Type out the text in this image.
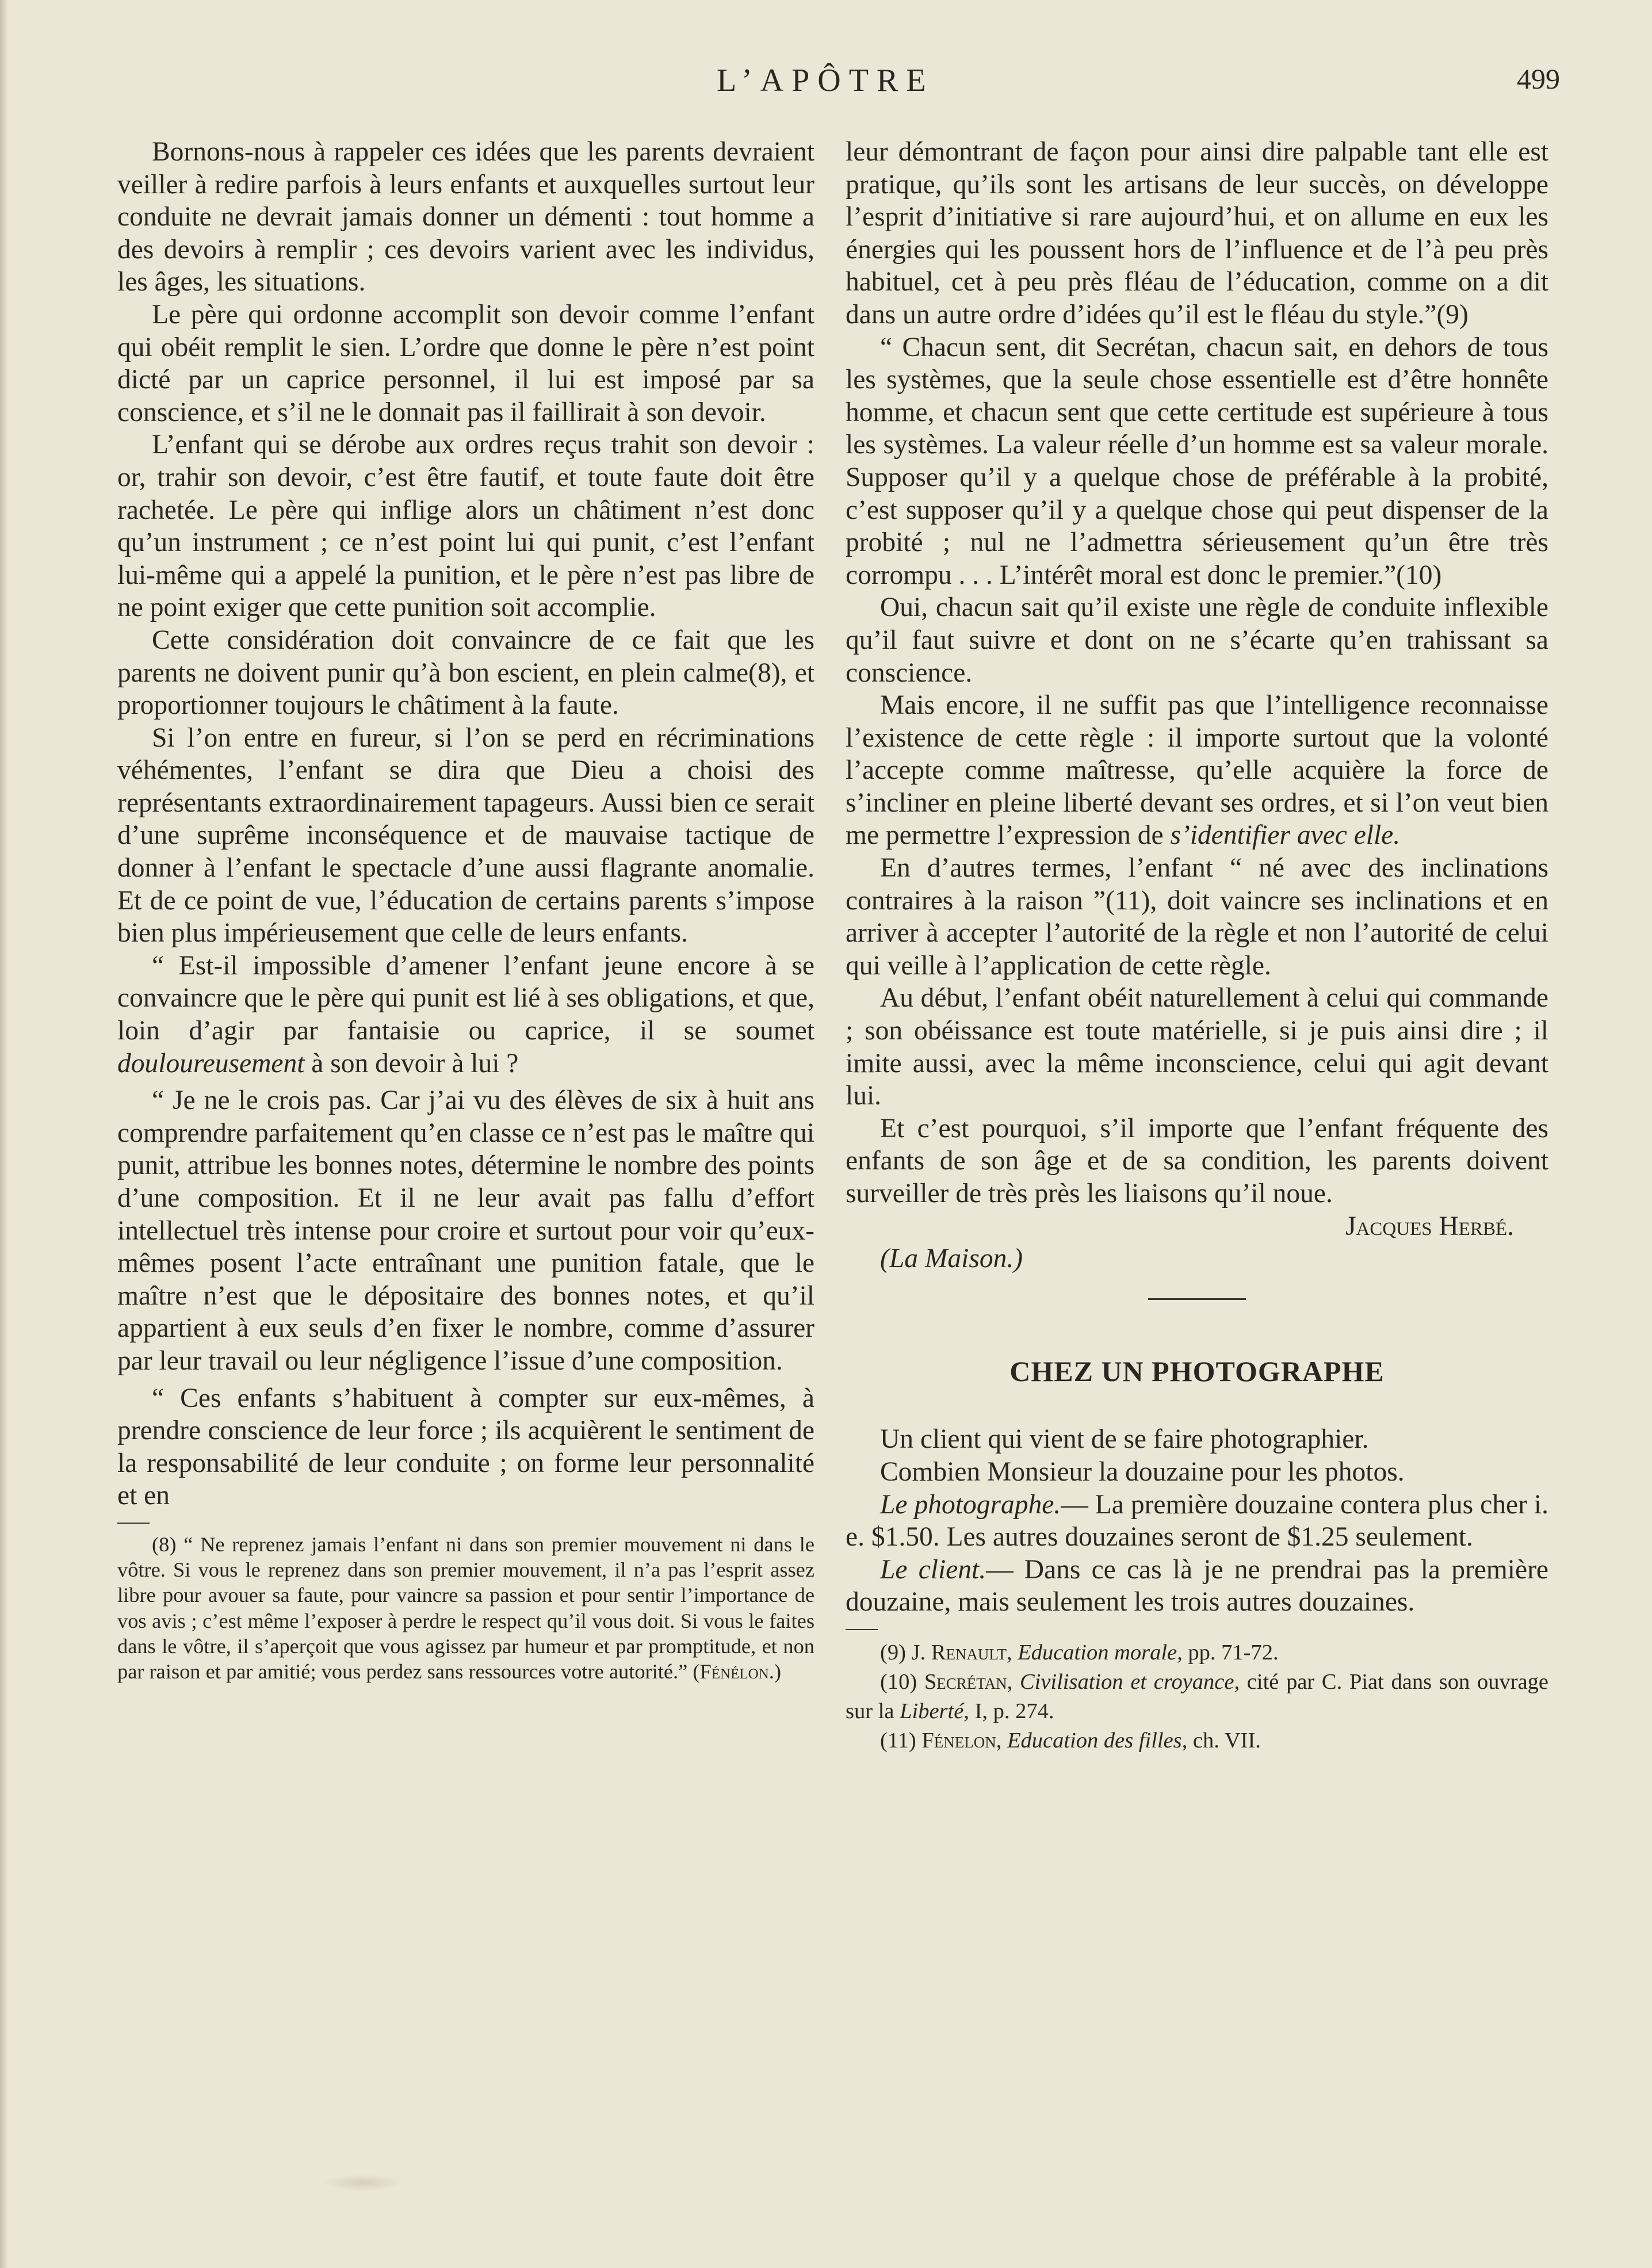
L’APÔTRE	499

Bornons-nous à rappeler ces idées que les parents devraient veiller à redire parfois à leurs enfants et auxquelles surtout leur conduite ne devrait jamais donner un démenti : tout homme a des devoirs à remplir ; ces devoirs varient avec les individus, les âges, les situations.

Le père qui ordonne accomplit son devoir comme l’enfant qui obéit remplit le sien. L’ordre que donne le père n’est point dicté par un caprice personnel, il lui est imposé par sa conscience, et s’il ne le donnait pas il faillirait à son devoir.

L’enfant qui se dérobe aux ordres reçus trahit son devoir : or, trahir son devoir, c’est être fautif, et toute faute doit être rachetée. Le père qui inflige alors un châtiment n’est donc qu’un instrument ; ce n’est point lui qui punit, c’est l’enfant lui-même qui a appelé la punition, et le père n’est pas libre de ne point exiger que cette punition soit accomplie.

Cette considération doit convaincre de ce fait que les parents ne doivent punir qu’à bon escient, en plein calme(8), et proportionner toujours le châtiment à la faute.

Si l’on entre en fureur, si l’on se perd en récriminations véhémentes, l’enfant se dira que Dieu a choisi des représentants extraordinairement tapageurs. Aussi bien ce serait d’une suprême inconséquence et de mauvaise tactique de donner à l’enfant le spectacle d’une aussi flagrante anomalie. Et de ce point de vue, l’éducation de certains parents s’impose bien plus impérieusement que celle de leurs enfants.

“ Est-il impossible d’amener l’enfant jeune encore à se convaincre que le père qui punit est lié à ses obligations, et que, loin d’agir par fantaisie ou caprice, il se soumet douloureusement à son devoir à lui ?

“ Je ne le crois pas. Car j’ai vu des élèves de six à huit ans comprendre parfaitement qu’en classe ce n’est pas le maître qui punit, attribue les bonnes notes, détermine le nombre des points d’une composition. Et il ne leur avait pas fallu d’effort intellectuel très intense pour croire et surtout pour voir qu’eux-mêmes posent l’acte entraînant une punition fatale, que le maître n’est que le dépositaire des bonnes notes, et qu’il appartient à eux seuls d’en fixer le nombre, comme d’assurer par leur travail ou leur négligence l’issue d’une composition.

“ Ces enfants s’habituent à compter sur eux-mêmes, à prendre conscience de leur force ; ils acquièrent le sentiment de la responsabilité de leur conduite ; on forme leur personnalité et en

(8) “ Ne reprenez jamais l’enfant ni dans son premier mouvement ni dans le vôtre. Si vous le reprenez dans son premier mouvement, il n’a pas l’esprit assez libre pour avouer sa faute, pour vaincre sa passion et pour sentir l’importance de vos avis ; c’est même l’exposer à perdre le respect qu’il vous doit. Si vous le faites dans le vôtre, il s’aperçoit que vous agissez par humeur et par promptitude, et non par raison et par amitié; vous perdez sans ressources votre autorité.” (Fénélon.)

leur démontrant de façon pour ainsi dire palpable tant elle est pratique, qu’ils sont les artisans de leur succès, on développe l’esprit d’initiative si rare aujourd’hui, et on allume en eux les énergies qui les poussent hors de l’influence et de l’à peu près habituel, cet à peu près fléau de l’éducation, comme on a dit dans un autre ordre d’idées qu’il est le fléau du style.”(9)

“ Chacun sent, dit Secrétan, chacun sait, en dehors de tous les systèmes, que la seule chose essentielle est d’être honnête homme, et chacun sent que cette certitude est supérieure à tous les systèmes. La valeur réelle d’un homme est sa valeur morale. Supposer qu’il y a quelque chose de préférable à la probité, c’est supposer qu’il y a quelque chose qui peut dispenser de la probité ; nul ne l’admettra sérieusement qu’un être très corrompu . . . L’intérêt moral est donc le premier.”(10)

Oui, chacun sait qu’il existe une règle de conduite inflexible qu’il faut suivre et dont on ne s’écarte qu’en trahissant sa conscience.

Mais encore, il ne suffit pas que l’intelligence reconnaisse l’existence de cette règle : il importe surtout que la volonté l’accepte comme maîtresse, qu’elle acquière la force de s’incliner en pleine liberté devant ses ordres, et si l’on veut bien me permettre l’expression de s’identifier avec elle.

En d’autres termes, l’enfant “ né avec des inclinations contraires à la raison ”(11), doit vaincre ses inclinations et en arriver à accepter l’autorité de la règle et non l’autorité de celui qui veille à l’application de cette règle.

Au début, l’enfant obéit naturellement à celui qui commande ; son obéissance est toute matérielle, si je puis ainsi dire ; il imite aussi, avec la même inconscience, celui qui agit devant lui.

Et c’est pourquoi, s’il importe que l’enfant fréquente des enfants de son âge et de sa condition, les parents doivent surveiller de très près les liaisons qu’il noue.

Jacques Herbé.

(La Maison.)

CHEZ UN PHOTOGRAPHE

Un client qui vient de se faire photographier.

Combien Monsieur la douzaine pour les photos.

Le photographe.— La première douzaine contera plus cher i. e. $1.50. Les autres douzaines seront de $1.25 seulement.

Le client.— Dans ce cas là je ne prendrai pas la première douzaine, mais seulement les trois autres douzaines.

(9) J. Renault, Education morale, pp. 71-72.

(10) Secrétan, Civilisation et croyance, cité par C. Piat dans son ouvrage sur la Liberté, I, p. 274.

(11) Fénelon, Education des filles, ch. VII.
